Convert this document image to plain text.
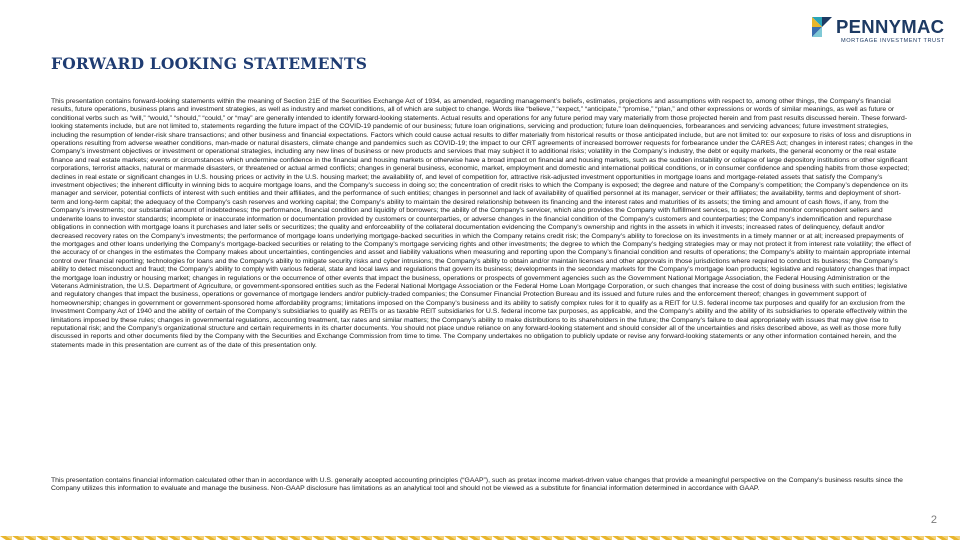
PENNYMAC
MORTGAGE INVESTMENT TRUST
FORWARD LOOKING STATEMENTS

This presentation contains forward-looking statements within the meaning of Section 21E of the Securities Exchange Act of 1934, as amended, regarding management’s beliefs, estimates, projections and assumptions with respect to, among other things, the Company’s financial results, future operations, business plans and investment strategies, as well as industry and market conditions, all of which are subject to change. Words like “believe,” “expect,” “anticipate,” “promise,” “plan,” and other expressions or words of similar meanings, as well as future or conditional verbs such as “will,” “would,” “should,” “could,” or “may” are generally intended to identify forward-looking statements. Actual results and operations for any future period may vary materially from those projected herein and from past results discussed herein. These forward-looking statements include, but are not limited to, statements regarding the future impact of the COVID-19 pandemic of our business; future loan originations, servicing and production; future loan delinquencies, forbearances and servicing advances; future investment strategies, including the resumption of lender-risk share transactions; and other business and financial expectations. Factors which could cause actual results to differ materially from historical results or those anticipated include, but are not limited to: our exposure to risks of loss and disruptions in operations resulting from adverse weather conditions, man-made or natural disasters, climate change and pandemics such as COVID-19; the impact to our CRT agreements of increased borrower requests for forbearance under the CARES Act; changes in interest rates; changes in the Company’s investment objectives or investment or operational strategies, including any new lines of business or new products and services that may subject it to additional risks; volatility in the Company’s industry, the debt or equity markets, the general economy or the real estate finance and real estate markets; events or circumstances which undermine confidence in the financial and housing markets or otherwise have a broad impact on financial and housing markets, such as the sudden instability or collapse of large depository institutions or other significant corporations, terrorist attacks, natural or manmade disasters, or threatened or actual armed conflicts; changes in general business, economic, market, employment and domestic and international political conditions, or in consumer confidence and spending habits from those expected; declines in real estate or significant changes in U.S. housing prices or activity in the U.S. housing market; the availability of, and level of competition for, attractive risk-adjusted investment opportunities in mortgage loans and mortgage-related assets that satisfy the Company’s investment objectives; the inherent difficulty in winning bids to acquire mortgage loans, and the Company’s success in doing so; the concentration of credit risks to which the Company is exposed; the degree and nature of the Company’s competition; the Company’s dependence on its manager and servicer, potential conflicts of interest with such entities and their affiliates, and the performance of such entities; changes in personnel and lack of availability of qualified personnel at its manager, servicer or their affiliates; the availability, terms and deployment of short-term and long-term capital; the adequacy of the Company’s cash reserves and working capital; the Company’s ability to maintain the desired relationship between its financing and the interest rates and maturities of its assets; the timing and amount of cash flows, if any, from the Company’s investments; our substantial amount of indebtedness; the performance, financial condition and liquidity of borrowers; the ability of the Company’s servicer, which also provides the Company with fulfillment services, to approve and monitor correspondent sellers and underwrite loans to investor standards; incomplete or inaccurate information or documentation provided by customers or counterparties, or adverse changes in the financial condition of the Company’s customers and counterparties; the Company’s indemnification and repurchase obligations in connection with mortgage loans it purchases and later sells or securitizes; the quality and enforceability of the collateral documentation evidencing the Company’s ownership and rights in the assets in which it invests; increased rates of delinquency, default and/or decreased recovery rates on the Company’s investments; the performance of mortgage loans underlying mortgage-backed securities in which the Company retains credit risk; the Company’s ability to foreclose on its investments in a timely manner or at all; increased prepayments of the mortgages and other loans underlying the Company’s mortgage-backed securities or relating to the Company’s mortgage servicing rights and other investments; the degree to which the Company’s hedging strategies may or may not protect it from interest rate volatility; the effect of the accuracy of or changes in the estimates the Company makes about uncertainties, contingencies and asset and liability valuations when measuring and reporting upon the Company’s financial condition and results of operations; the Company’s ability to maintain appropriate internal control over financial reporting; technologies for loans and the Company’s ability to mitigate security risks and cyber intrusions; the Company’s ability to obtain and/or maintain licenses and other approvals in those jurisdictions where required to conduct its business; the Company’s ability to detect misconduct and fraud; the Company’s ability to comply with various federal, state and local laws and regulations that govern its business; developments in the secondary markets for the Company’s mortgage loan products; legislative and regulatory changes that impact the mortgage loan industry or housing market; changes in regulations or the occurrence of other events that impact the business, operations or prospects of government agencies such as the Government National Mortgage Association, the Federal Housing Administration or the Veterans Administration, the U.S. Department of Agriculture, or government-sponsored entities such as the Federal National Mortgage Association or the Federal Home Loan Mortgage Corporation, or such changes that increase the cost of doing business with such entities; legislative and regulatory changes that impact the business, operations or governance of mortgage lenders and/or publicly-traded companies; the Consumer Financial Protection Bureau and its issued and future rules and the enforcement thereof; changes in government support of homeownership; changes in government or government-sponsored home affordability programs; limitations imposed on the Company’s business and its ability to satisfy complex rules for it to qualify as a REIT for U.S. federal income tax purposes and qualify for an exclusion from the Investment Company Act of 1940 and the ability of certain of the Company’s subsidiaries to qualify as REITs or as taxable REIT subsidiaries for U.S. federal income tax purposes, as applicable, and the Company’s ability and the ability of its subsidiaries to operate effectively within the limitations imposed by these rules; changes in governmental regulations, accounting treatment, tax rates and similar matters; the Company’s ability to make distributions to its shareholders in the future; the Company’s failure to deal appropriately with issues that may give rise to reputational risk; and the Company’s organizational structure and certain requirements in its charter documents. You should not place undue reliance on any forward-looking statement and should consider all of the uncertainties and risks described above, as well as those more fully discussed in reports and other documents filed by the Company with the Securities and Exchange Commission from time to time. The Company undertakes no obligation to publicly update or revise any forward-looking statements or any other information contained herein, and the statements made in this presentation are current as of the date of this presentation only.

This presentation contains financial information calculated other than in accordance with U.S. generally accepted accounting principles (“GAAP”), such as pretax income market-driven value changes that provide a meaningful perspective on the Company’s business results since the Company utilizes this information to evaluate and manage the business. Non-GAAP disclosure has limitations as an analytical tool and should not be viewed as a substitute for financial information determined in accordance with GAAP.

2
